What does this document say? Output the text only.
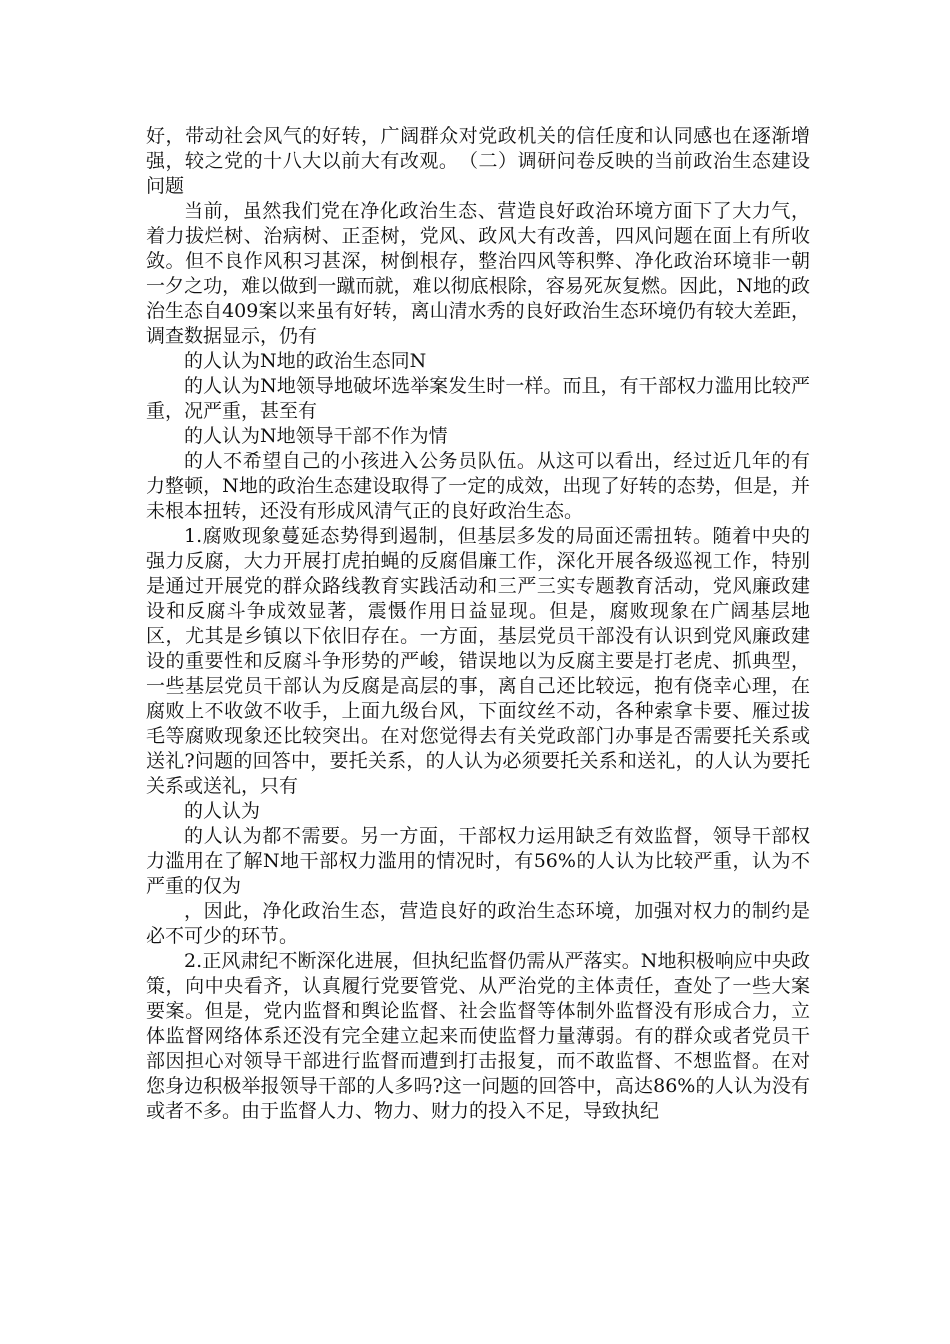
好，带动社会风气的好转，广阔群众对党政机关的信任度和认同感也在逐渐增强，较之党的十八大以前大有改观。　（二）调研问卷反映的当前政治生态建设问题

当前，虽然我们党在净化政治生态、营造良好政治环境方面下了大力气，着力拔烂树、治病树、正歪树，党风、政风大有改善，四风问题在面上有所收敛。但不良作风积习甚深，树倒根存，整治四风等积弊、净化政治环境非一朝一夕之功，难以做到一蹴而就，难以彻底根除，容易死灰复燃。因此，N地的政治生态自409案以来虽有好转，离山清水秀的良好政治生态环境仍有较大差距，调查数据显示，仍有

的人认为N地的政治生态同N

的人认为N地领导地破坏选举案发生时一样。而且，有干部权力滥用比较严重，况严重，甚至有

的人认为N地领导干部不作为情

的人不希望自己的小孩进入公务员队伍。从这可以看出，经过近几年的有力整顿，N地的政治生态建设取得了一定的成效，出现了好转的态势，但是，并未根本扭转，还没有形成风清气正的良好政治生态。

1.腐败现象蔓延态势得到遏制，但基层多发的局面还需扭转。随着中央的强力反腐，大力开展打虎拍蝇的反腐倡廉工作，深化开展各级巡视工作，特别是通过开展党的群众路线教育实践活动和三严三实专题教育活动，党风廉政建设和反腐斗争成效显著，震慑作用日益显现。但是，腐败现象在广阔基层地区，尤其是乡镇以下依旧存在。一方面，基层党员干部没有认识到党风廉政建设的重要性和反腐斗争形势的严峻，错误地以为反腐主要是打老虎、抓典型，一些基层党员干部认为反腐是高层的事，离自己还比较远，抱有侥幸心理，在腐败上不收敛不收手，上面九级台风，下面纹丝不动，各种索拿卡要、雁过拔毛等腐败现象还比较突出。在对您觉得去有关党政部门办事是否需要托关系或送礼?问题的回答中，要托关系，的人认为必须要托关系和送礼，的人认为要托关系或送礼，只有

的人认为

的人认为都不需要。另一方面，干部权力运用缺乏有效监督，领导干部权力滥用在了解N地干部权力滥用的情况时，有56%的人认为比较严重，认为不严重的仅为

，因此，净化政治生态，营造良好的政治生态环境，加强对权力的制约是必不可少的环节。

2.正风肃纪不断深化进展，但执纪监督仍需从严落实。N地积极响应中央政策，向中央看齐，认真履行党要管党、从严治党的主体责任，查处了一些大案要案。但是，党内监督和舆论监督、社会监督等体制外监督没有形成合力，立体监督网络体系还没有完全建立起来而使监督力量薄弱。有的群众或者党员干部因担心对领导干部进行监督而遭到打击报复，而不敢监督、不想监督。在对您身边积极举报领导干部的人多吗?这一问题的回答中，高达86%的人认为没有或者不多。由于监督人力、物力、财力的投入不足，导致执纪
